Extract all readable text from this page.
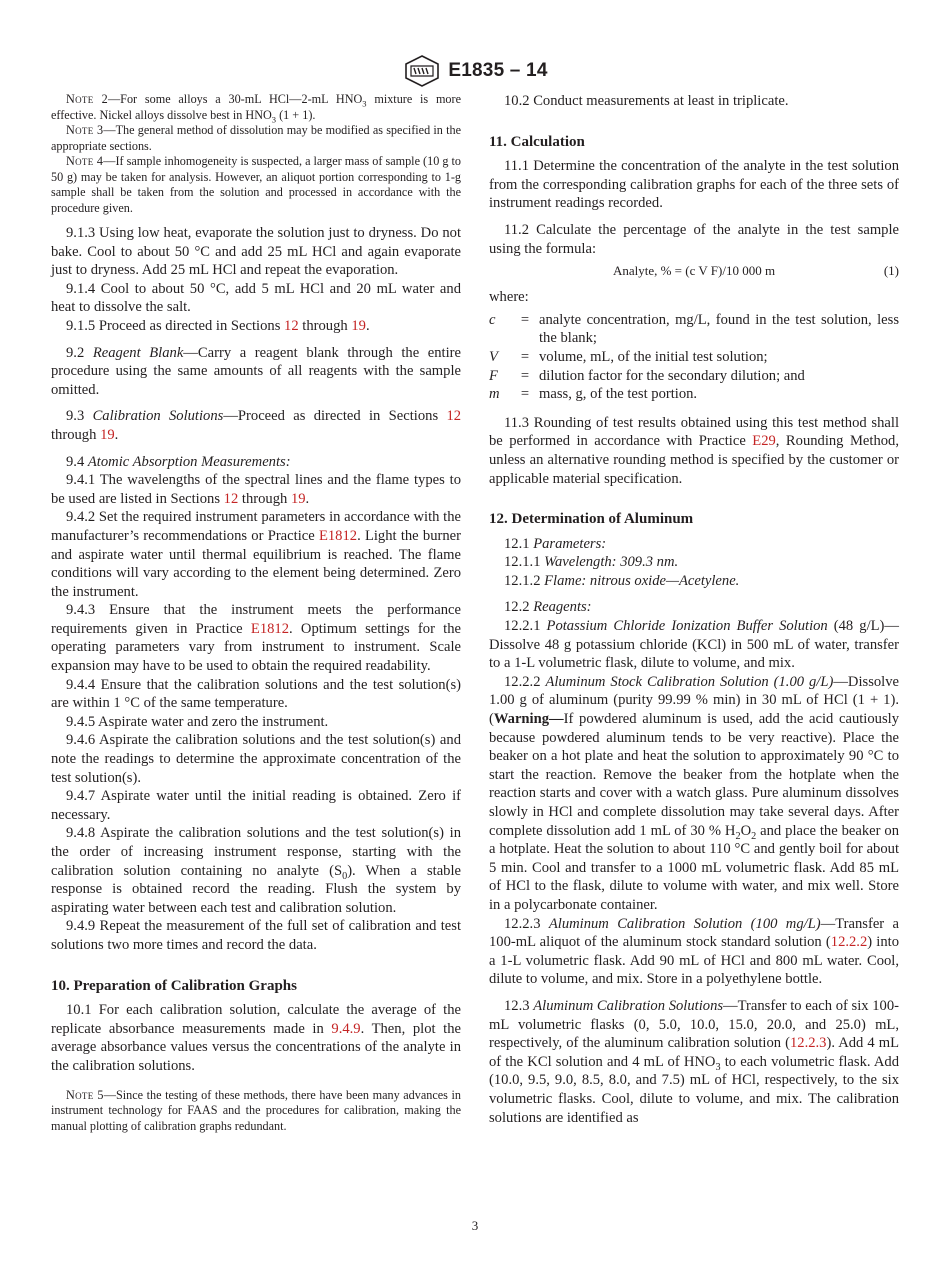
E1835 – 14

Note 2—For some alloys a 30-mL HCl—2-mL $HNO_3$ mixture is more effective. Nickel alloys dissolve best in $HNO_3$ (1 + 1).

Note 3—The general method of dissolution may be modified as specified in the appropriate sections.

Note 4—If sample inhomogeneity is suspected, a larger mass of sample (10 g to 50 g) may be taken for analysis. However, an aliquot portion corresponding to 1-g sample shall be taken from the solution and processed in accordance with the procedure given.

9.1.3 Using low heat, evaporate the solution just to dryness. Do not bake. Cool to about 50 °C and add 25 mL HCl and again evaporate just to dryness. Add 25 mL HCl and repeat the evaporation.

9.1.4 Cool to about 50 °C, add 5 mL HCl and 20 mL water and heat to dissolve the salt.

9.1.5 Proceed as directed in Sections 12 through 19.

9.2 Reagent Blank—Carry a reagent blank through the entire procedure using the same amounts of all reagents with the sample omitted.

9.3 Calibration Solutions—Proceed as directed in Sections 12 through 19.

9.4 Atomic Absorption Measurements:

9.4.1 The wavelengths of the spectral lines and the flame types to be used are listed in Sections 12 through 19.

9.4.2 Set the required instrument parameters in accordance with the manufacturer’s recommendations or Practice E1812. Light the burner and aspirate water until thermal equilibrium is reached. The flame conditions will vary according to the element being determined. Zero the instrument.

9.4.3 Ensure that the instrument meets the performance requirements given in Practice E1812. Optimum settings for the operating parameters vary from instrument to instrument. Scale expansion may have to be used to obtain the required readability.

9.4.4 Ensure that the calibration solutions and the test solution(s) are within 1 °C of the same temperature.

9.4.5 Aspirate water and zero the instrument.

9.4.6 Aspirate the calibration solutions and the test solution(s) and note the readings to determine the approximate concentration of the test solution(s).

9.4.7 Aspirate water until the initial reading is obtained. Zero if necessary.

9.4.8 Aspirate the calibration solutions and the test solution(s) in the order of increasing instrument response, starting with the calibration solution containing no analyte $(S_0)$. When a stable response is obtained record the reading. Flush the system by aspirating water between each test and calibration solution.

9.4.9 Repeat the measurement of the full set of calibration and test solutions two more times and record the data.

10. Preparation of Calibration Graphs

10.1 For each calibration solution, calculate the average of the replicate absorbance measurements made in 9.4.9. Then, plot the average absorbance values versus the concentrations of the analyte in the calibration solutions.

Note 5—Since the testing of these methods, there have been many advances in instrument technology for FAAS and the procedures for calibration, making the manual plotting of calibration graphs redundant.

10.2 Conduct measurements at least in triplicate.

11. Calculation

11.1 Determine the concentration of the analyte in the test solution from the corresponding calibration graphs for each of the three sets of instrument readings recorded.

11.2 Calculate the percentage of the analyte in the test sample using the formula:

Analyte, % = (c V F)/10 000 m	(1)

where:

c	=	analyte concentration, mg/L, found in the test solution, less the blank;
V	=	volume, mL, of the initial test solution;
F	=	dilution factor for the secondary dilution; and
m	=	mass, g, of the test portion.

11.3 Rounding of test results obtained using this test method shall be performed in accordance with Practice E29, Rounding Method, unless an alternative rounding method is specified by the customer or applicable material specification.

12. Determination of Aluminum

12.1 Parameters:

12.1.1 Wavelength: 309.3 nm.

12.1.2 Flame: nitrous oxide—Acetylene.

12.2 Reagents:

12.2.1 Potassium Chloride Ionization Buffer Solution (48 g/L)—Dissolve 48 g potassium chloride (KCl) in 500 mL of water, transfer to a 1-L volumetric flask, dilute to volume, and mix.

12.2.2 Aluminum Stock Calibration Solution (1.00 g/L)—Dissolve 1.00 g of aluminum (purity 99.99 % min) in 30 mL of HCl (1 + 1). (Warning—If powdered aluminum is used, add the acid cautiously because powdered aluminum tends to be very reactive). Place the beaker on a hot plate and heat the solution to approximately 90 °C to start the reaction. Remove the beaker from the hotplate when the reaction starts and cover with a watch glass. Pure aluminum dissolves slowly in HCl and complete dissolution may take several days. After complete dissolution add 1 mL of 30 % $H_2O_2$ and place the beaker on a hotplate. Heat the solution to about 110 °C and gently boil for about 5 min. Cool and transfer to a 1000 mL volumetric flask. Add 85 mL of HCl to the flask, dilute to volume with water, and mix well. Store in a polycarbonate container.

12.2.3 Aluminum Calibration Solution (100 mg/L)—Transfer a 100-mL aliquot of the aluminum stock standard solution (12.2.2) into a 1-L volumetric flask. Add 90 mL of HCl and 800 mL water. Cool, dilute to volume, and mix. Store in a polyethylene bottle.

12.3 Aluminum Calibration Solutions—Transfer to each of six 100-mL volumetric flasks (0, 5.0, 10.0, 15.0, 20.0, and 25.0) mL, respectively, of the aluminum calibration solution (12.2.3). Add 4 mL of the KCl solution and 4 mL of $HNO_3$ to each volumetric flask. Add (10.0, 9.5, 9.0, 8.5, 8.0, and 7.5) mL of HCl, respectively, to the six volumetric flasks. Cool, dilute to volume, and mix. The calibration solutions are identified as

3
